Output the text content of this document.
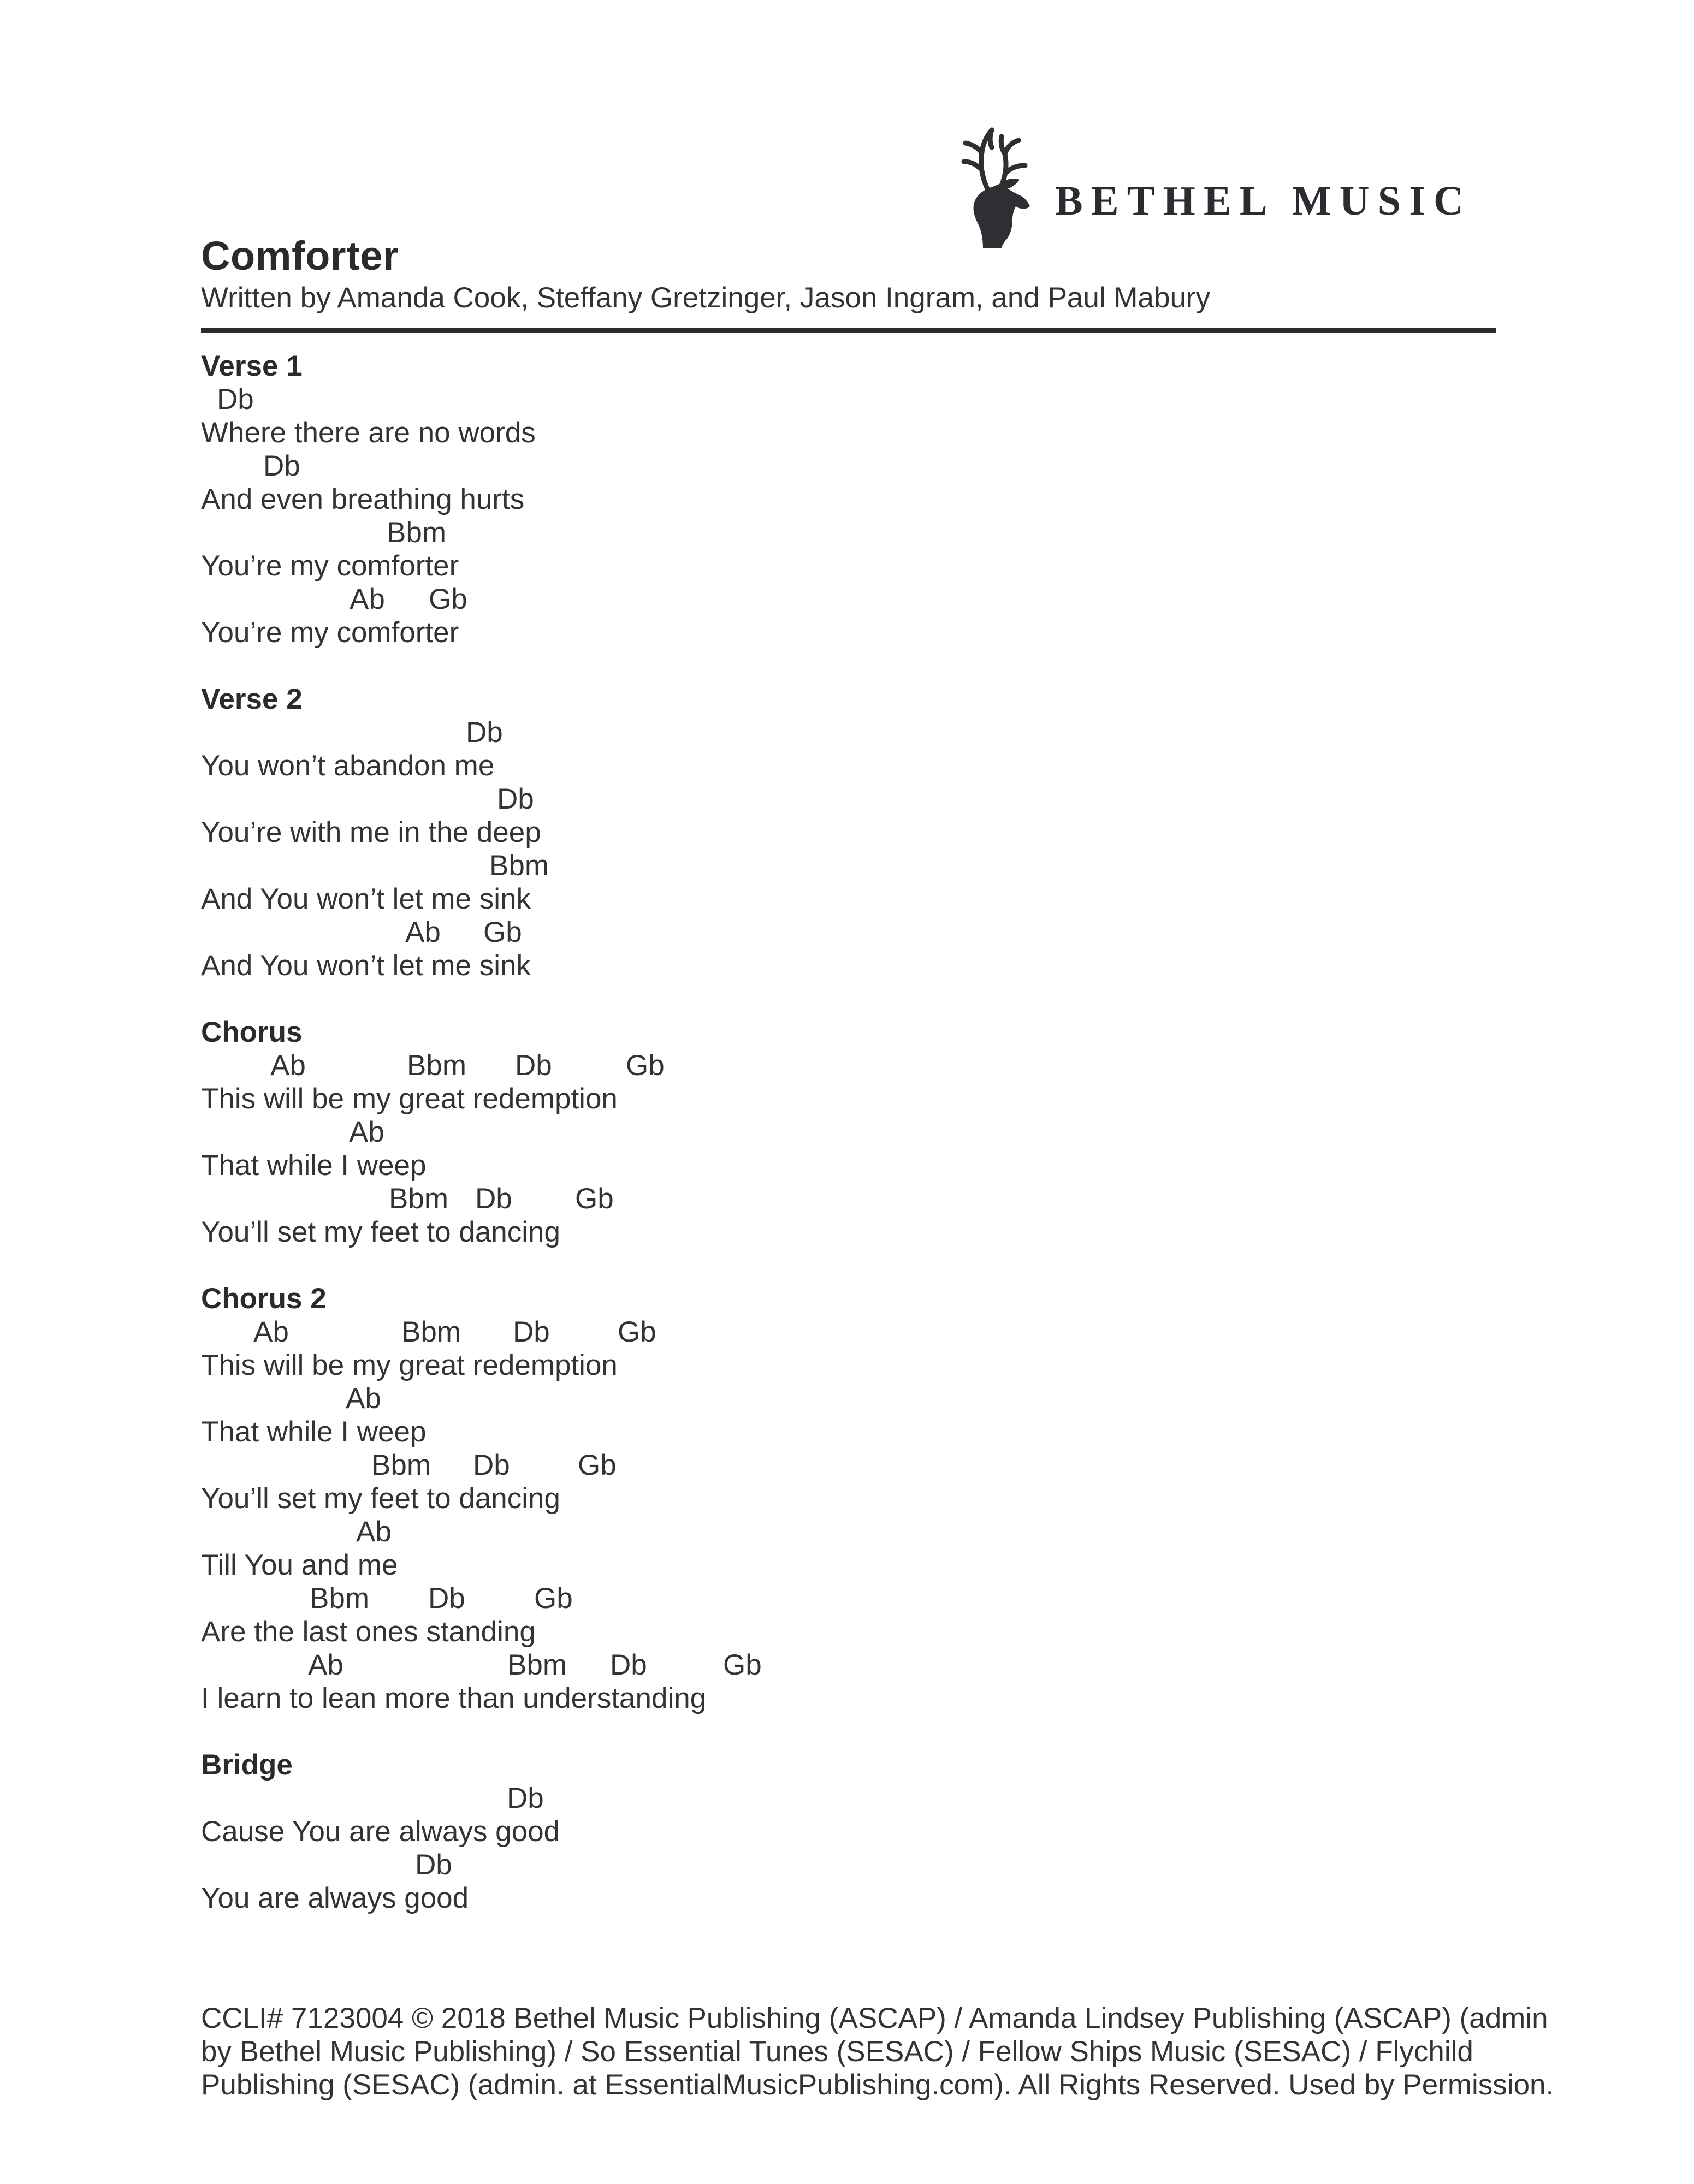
BETHEL MUSIC
Comforter
Written by Amanda Cook, Steffany Gretzinger, Jason Ingram, and Paul Mabury
Verse 1
Db
Where there are no words
Db
And even breathing hurts
Bbm
You’re my comforter
Ab Gb
You’re my comforter
Verse 2
Db
You won’t abandon me
Db
You’re with me in the deep
Bbm
And You won’t let me sink
Ab Gb
And You won’t let me sink
Chorus
Ab	Bbm Db	Gb
This will be my great redemption
Ab
That while I weep
Bbm Db Gb
You’ll set my feet to dancing
Chorus 2
Ab	Bbm Db Gb
This will be my great redemption
Ab
That while I weep
Bbm Db Gb
You’ll set my feet to dancing
Ab
Till You and me
Bbm Db Gb
Are the last ones standing
Ab	Bbm Db	Gb
I learn to lean more than understanding
Bridge
Db
Cause You are always good
Db
You are always good
CCLI# 7123004 © 2018 Bethel Music Publishing (ASCAP) / Amanda Lindsey Publishing (ASCAP) (admin
by Bethel Music Publishing) / So Essential Tunes (SESAC) / Fellow Ships Music (SESAC) / Flychild
Publishing (SESAC) (admin. at EssentialMusicPublishing.com). All Rights Reserved. Used by Permission.
